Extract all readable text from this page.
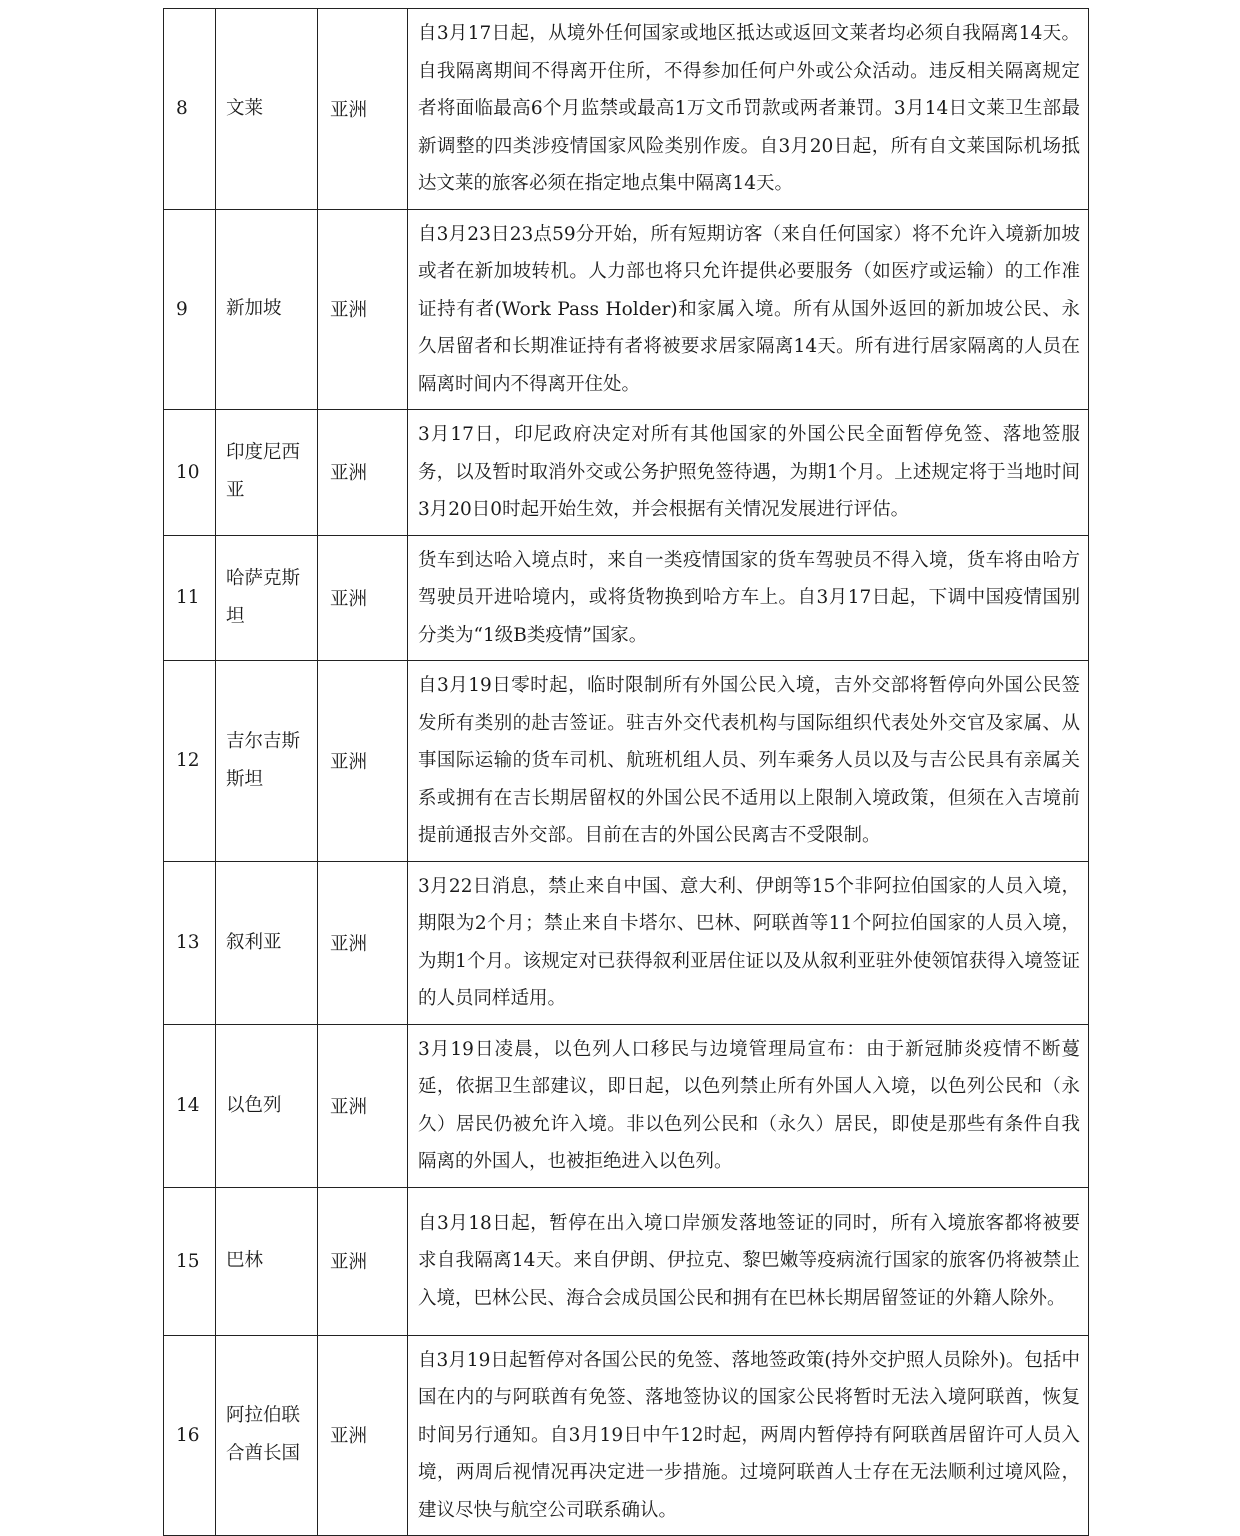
8	文莱	亚洲	自3月17日起，从境外任何国家或地区抵达或返回文莱者均必须自我隔离14天。自我隔离期间不得离开住所，不得参加任何户外或公众活动。违反相关隔离规定者将面临最高6个月监禁或最高1万文币罚款或两者兼罚。3月14日文莱卫生部最新调整的四类涉疫情国家风险类别作废。自3月20日起，所有自文莱国际机场抵达文莱的旅客必须在指定地点集中隔离14天。
9	新加坡	亚洲	自3月23日23点59分开始，所有短期访客（来自任何国家）将不允许入境新加坡或者在新加坡转机。人力部也将只允许提供必要服务（如医疗或运输）的工作准证持有者(Work Pass Holder)和家属入境。所有从国外返回的新加坡公民、永久居留者和长期准证持有者将被要求居家隔离14天。所有进行居家隔离的人员在隔离时间内不得离开住处。
10	印度尼西亚	亚洲	3月17日，印尼政府决定对所有其他国家的外国公民全面暂停免签、落地签服务，以及暂时取消外交或公务护照免签待遇，为期1个月。上述规定将于当地时间3月20日0时起开始生效，并会根据有关情况发展进行评估。
11	哈萨克斯坦	亚洲	货车到达哈入境点时，来自一类疫情国家的货车驾驶员不得入境，货车将由哈方驾驶员开进哈境内，或将货物换到哈方车上。自3月17日起，下调中国疫情国别分类为“1级B类疫情”国家。
12	吉尔吉斯斯坦	亚洲	自3月19日零时起，临时限制所有外国公民入境，吉外交部将暂停向外国公民签发所有类别的赴吉签证。驻吉外交代表机构与国际组织代表处外交官及家属、从事国际运输的货车司机、航班机组人员、列车乘务人员以及与吉公民具有亲属关系或拥有在吉长期居留权的外国公民不适用以上限制入境政策，但须在入吉境前提前通报吉外交部。目前在吉的外国公民离吉不受限制。
13	叙利亚	亚洲	3月22日消息，禁止来自中国、意大利、伊朗等15个非阿拉伯国家的人员入境，期限为2个月；禁止来自卡塔尔、巴林、阿联酋等11个阿拉伯国家的人员入境，为期1个月。该规定对已获得叙利亚居住证以及从叙利亚驻外使领馆获得入境签证的人员同样适用。
14	以色列	亚洲	3月19日凌晨，以色列人口移民与边境管理局宣布：由于新冠肺炎疫情不断蔓延，依据卫生部建议，即日起，以色列禁止所有外国人入境，以色列公民和（永久）居民仍被允许入境。非以色列公民和（永久）居民，即使是那些有条件自我隔离的外国人，也被拒绝进入以色列。
15	巴林	亚洲	自3月18日起，暂停在出入境口岸颁发落地签证的同时，所有入境旅客都将被要求自我隔离14天。来自伊朗、伊拉克、黎巴嫩等疫病流行国家的旅客仍将被禁止入境，巴林公民、海合会成员国公民和拥有在巴林长期居留签证的外籍人除外。
16	阿拉伯联合酋长国	亚洲	自3月19日起暂停对各国公民的免签、落地签政策(持外交护照人员除外)。包括中国在内的与阿联酋有免签、落地签协议的国家公民将暂时无法入境阿联酋，恢复时间另行通知。自3月19日中午12时起，两周内暂停持有阿联酋居留许可人员入境，两周后视情况再决定进一步措施。过境阿联酋人士存在无法顺利过境风险，建议尽快与航空公司联系确认。
